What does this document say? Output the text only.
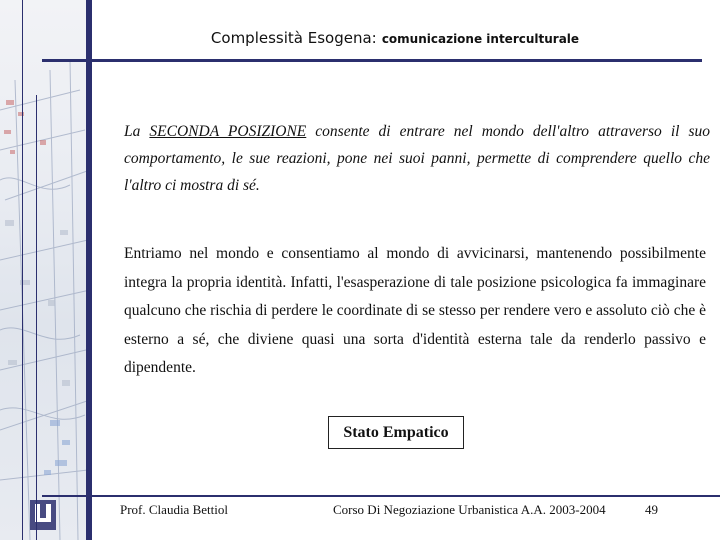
Complessità Esogena: comunicazione interculturale
La SECONDA POSIZIONE consente di entrare nel mondo dell'altro attraverso il suo comportamento, le sue reazioni, pone nei suoi panni, permette di comprendere quello che l'altro ci mostra di sé.
Entriamo nel mondo e consentiamo al mondo di avvicinarsi, mantenendo possibilmente integra la propria identità. Infatti, l'esasperazione di tale posizione psicologica fa immaginare qualcuno che rischia di perdere le coordinate di se stesso per rendere vero e assoluto ciò che è esterno a sé, che diviene quasi una sorta d'identità esterna tale da renderlo passivo e dipendente.
Stato Empatico
Prof. Claudia Bettiol	Corso Di Negoziazione Urbanistica A.A. 2003-2004	49
